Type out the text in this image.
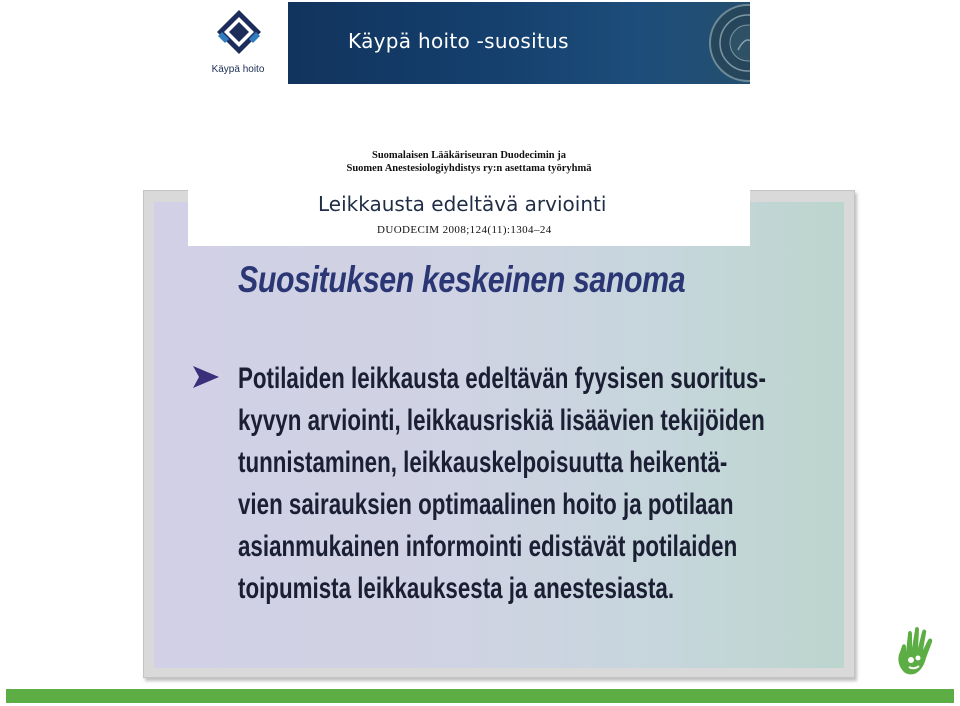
Käypä hoito
Käypä hoito -suositus
Suomalaisen Lääkäriseuran Duodecimin ja
Suomen Anestesiologiyhdistys ry:n asettama työryhmä
Leikkausta edeltävä arviointi
DUODECIM 2008;124(11):1304–24
Suosituksen keskeinen sanoma
Potilaiden leikkausta edeltävän fyysisen suoritus-
kyvyn arviointi, leikkausriskiä lisäävien tekijöiden
tunnistaminen, leikkauskelpoisuutta heikentä-
vien sairauksien optimaalinen hoito ja potilaan
asianmukainen informointi edistävät potilaiden
toipumista leikkauksesta ja anestesiasta.
